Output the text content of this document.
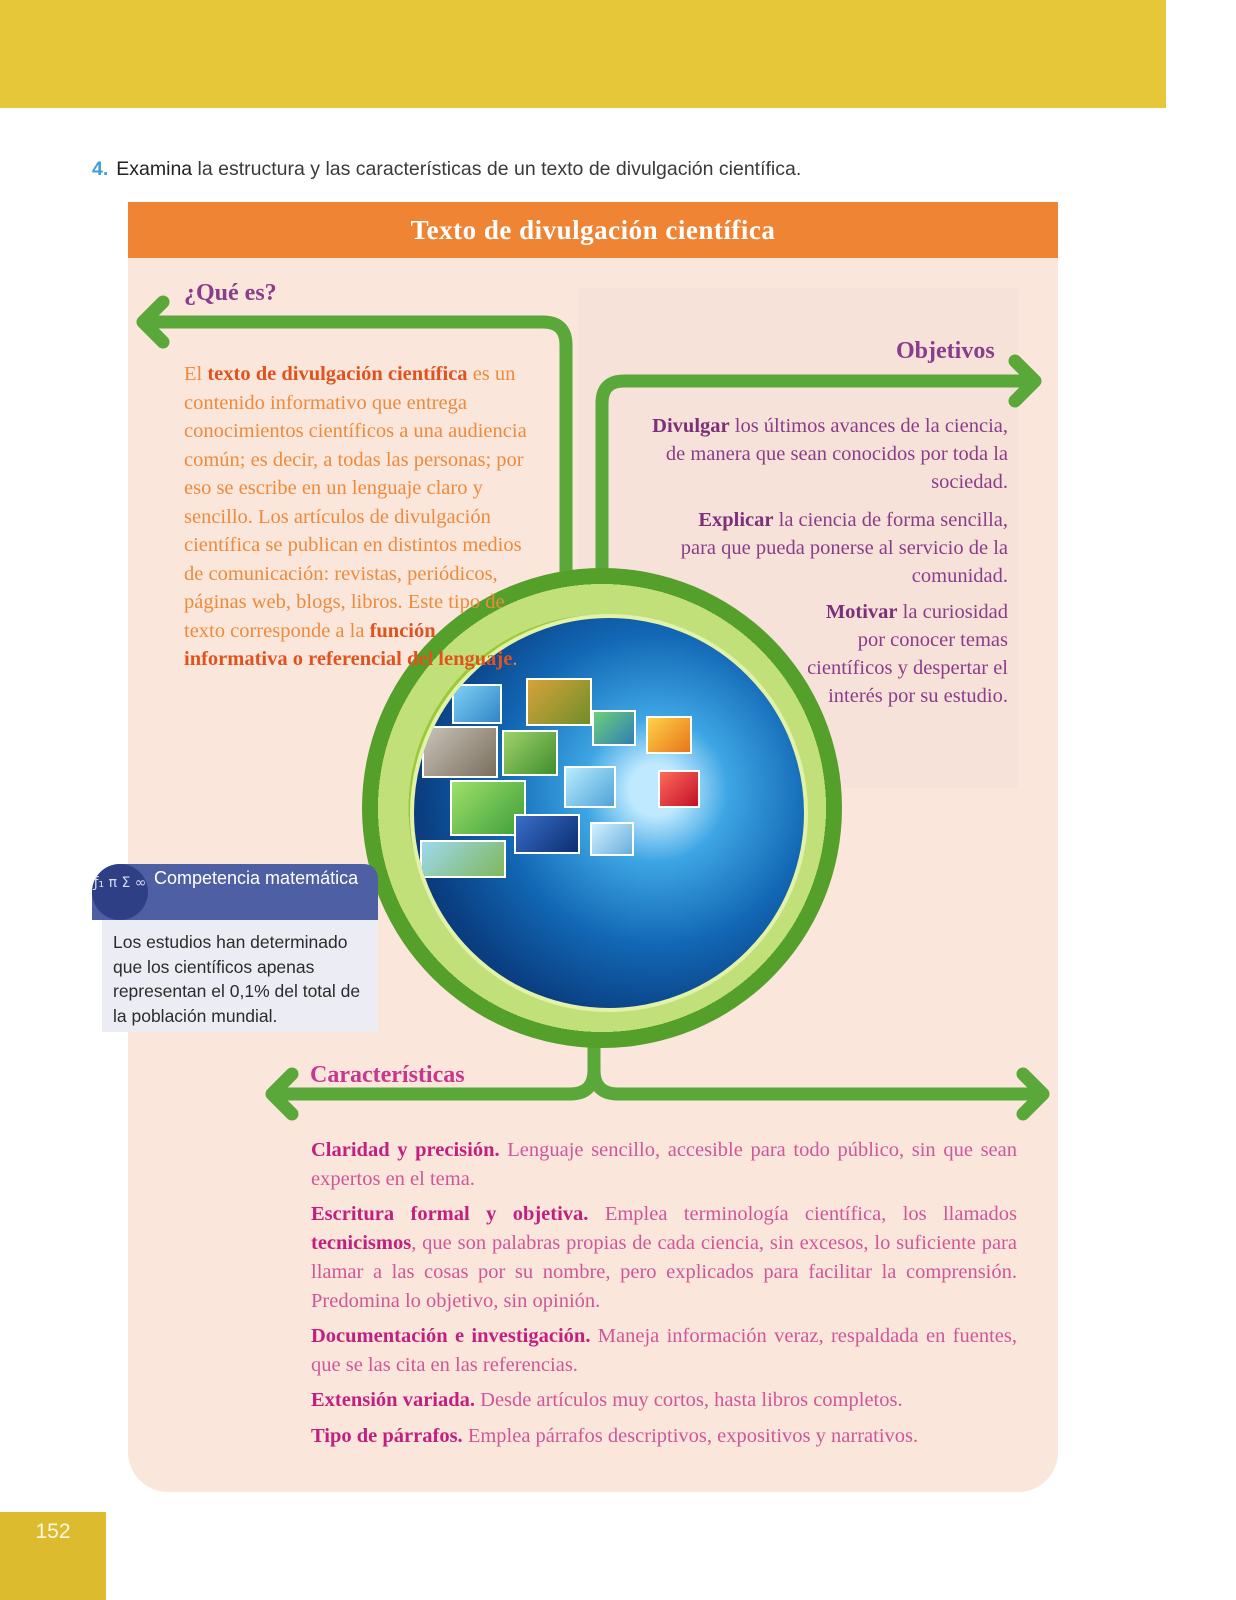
4. Examina la estructura y las características de un texto de divulgación científica.
Texto de divulgación científica
¿Qué es?
El texto de divulgación científica es un contenido informativo que entrega conocimientos científicos a una audiencia común; es decir, a todas las personas; por eso se escribe en un lenguaje claro y sencillo. Los artículos de divulgación científica se publican en distintos medios de comunicación: revistas, periódicos, páginas web, blogs, libros. Este tipo de texto corresponde a la función informativa o referencial del lenguaje.
Objetivos
Divulgar los últimos avances de la ciencia, de manera que sean conocidos por toda la sociedad.
Explicar la ciencia de forma sencilla, para que pueda ponerse al servicio de la comunidad.
Motivar la curiosidad por conocer temas científicos y despertar el interés por su estudio.
ƒ₁ π Σ ∞ Competencia matemática
Los estudios han determinado que los científicos apenas representan el 0,1% del total de la población mundial.
Características
Claridad y precisión. Lenguaje sencillo, accesible para todo público, sin que sean expertos en el tema.
Escritura formal y objetiva. Emplea terminología científica, los llamados tecnicismos, que son palabras propias de cada ciencia, sin excesos, lo suficiente para llamar a las cosas por su nombre, pero explicados para facilitar la comprensión. Predomina lo objetivo, sin opinión.
Documentación e investigación. Maneja información veraz, respaldada en fuentes, que se las cita en las referencias.
Extensión variada. Desde artículos muy cortos, hasta libros completos.
Tipo de párrafos. Emplea párrafos descriptivos, expositivos y narrativos.
152
